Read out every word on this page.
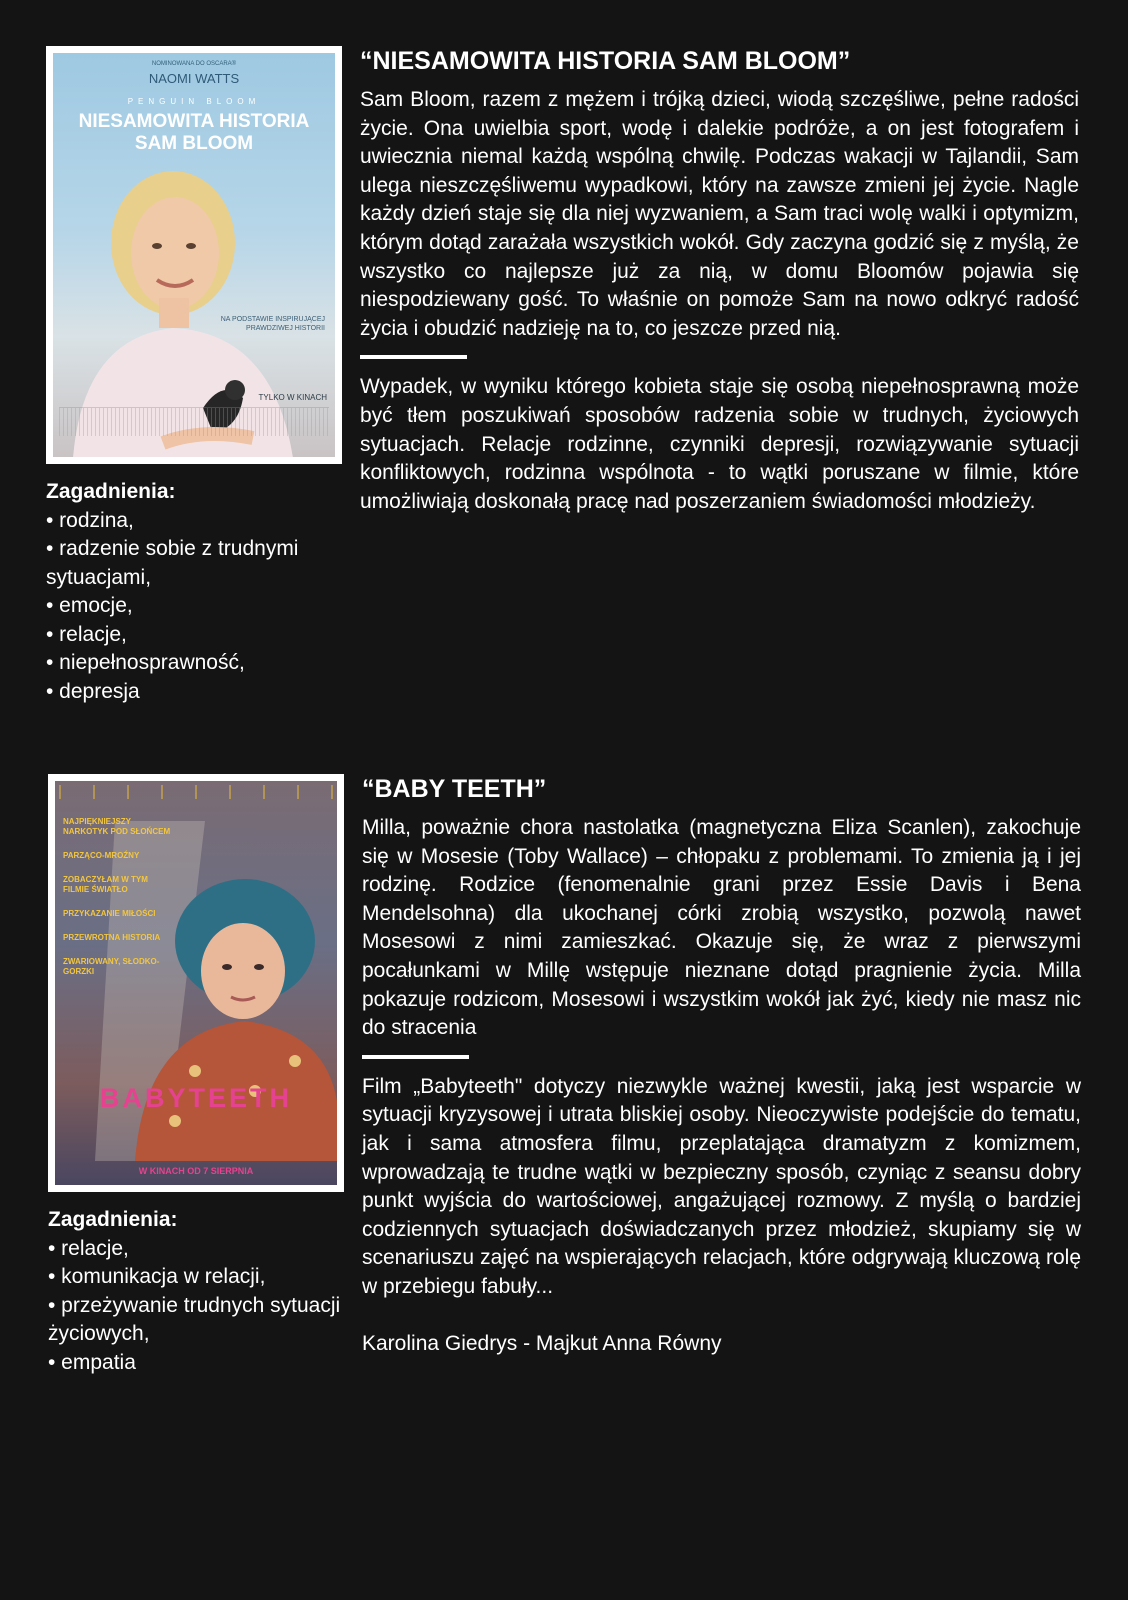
NOMINOWANA DO OSCARA®
NAOMI WATTS
PENGUIN BLOOM
NIESAMOWITA HISTORIA
SAM BLOOM
NA PODSTAWIE INSPIRUJĄCEJ
PRAWDZIWEJ HISTORII
TYLKO W KINACH
Zagadnienia:
• rodzina,
• radzenie sobie z trudnymi sytuacjami,
• emocje,
• relacje,
• niepełnosprawność,
• depresja
“NIESAMOWITA HISTORIA SAM BLOOM”

Sam Bloom, razem z mężem i trójką dzieci, wiodą szczęśliwe, pełne radości życie. Ona uwielbia sport, wodę i dalekie podróże, a on jest fotografem i uwiecznia niemal każdą wspólną chwilę. Podczas wakacji w Tajlandii, Sam ulega nieszczęśliwemu wypadkowi, który na zawsze zmieni jej życie. Nagle każdy dzień staje się dla niej wyzwaniem, a Sam traci wolę walki i optymizm, którym dotąd zarażała wszystkich wokół. Gdy zaczyna godzić się z myślą, że wszystko co najlepsze już za nią, w domu Bloomów pojawia się niespodziewany gość. To właśnie on pomoże Sam na nowo odkryć radość życia i obudzić nadzieję na to, co jeszcze przed nią.

Wypadek, w wyniku którego kobieta staje się osobą niepełnosprawną może być tłem poszukiwań sposobów radzenia sobie w trudnych, życiowych sytuacjach. Relacje rodzinne, czynniki depresji, rozwiązywanie sytuacji konfliktowych, rodzinna wspólnota - to wątki poruszane w filmie, które umożliwiają doskonałą pracę nad poszerzaniem świadomości młodzieży.

NAJPIĘKNIEJSZY NARKOTYK POD SŁOŃCEM
PARZĄCO-MROŹNY
ZOBACZYŁAM W TYM FILMIE ŚWIATŁO
PRZYKAZANIE MIŁOŚCI
PRZEWROTNA HISTORIA
ZWARIOWANY, SŁODKO-GORZKI
BABYTEETH
W KINACH OD 7 SIERPNIA
Zagadnienia:
• relacje,
• komunikacja w relacji,
• przeżywanie trudnych sytuacji życiowych,
• empatia
“BABY TEETH”

Milla, poważnie chora nastolatka (magnetyczna Eliza Scanlen), zakochuje się w Mosesie (Toby Wallace) – chłopaku z problemami. To zmienia ją i jej rodzinę. Rodzice (fenomenalnie grani przez Essie Davis i Bena Mendelsohna) dla ukochanej córki zrobią wszystko, pozwolą nawet Mosesowi z nimi zamieszkać. Okazuje się, że wraz z pierwszymi pocałunkami w Millę wstępuje nieznane dotąd pragnienie życia. Milla pokazuje rodzicom, Mosesowi i wszystkim wokół jak żyć, kiedy nie masz nic do stracenia

Film „Babyteeth" dotyczy niezwykle ważnej kwestii, jaką jest wsparcie w sytuacji kryzysowej i utrata bliskiej osoby. Nieoczywiste podejście do tematu, jak i sama atmosfera filmu, przeplatająca dramatyzm z komizmem, wprowadzają te trudne wątki w bezpieczny sposób, czyniąc z seansu dobry punkt wyjścia do wartościowej, angażującej rozmowy. Z myślą o bardziej codziennych sytuacjach doświadczanych przez młodzież, skupiamy się w scenariuszu zajęć na wspierających relacjach, które odgrywają kluczową rolę w przebiegu fabuły...

Karolina Giedrys - Majkut Anna Równy
